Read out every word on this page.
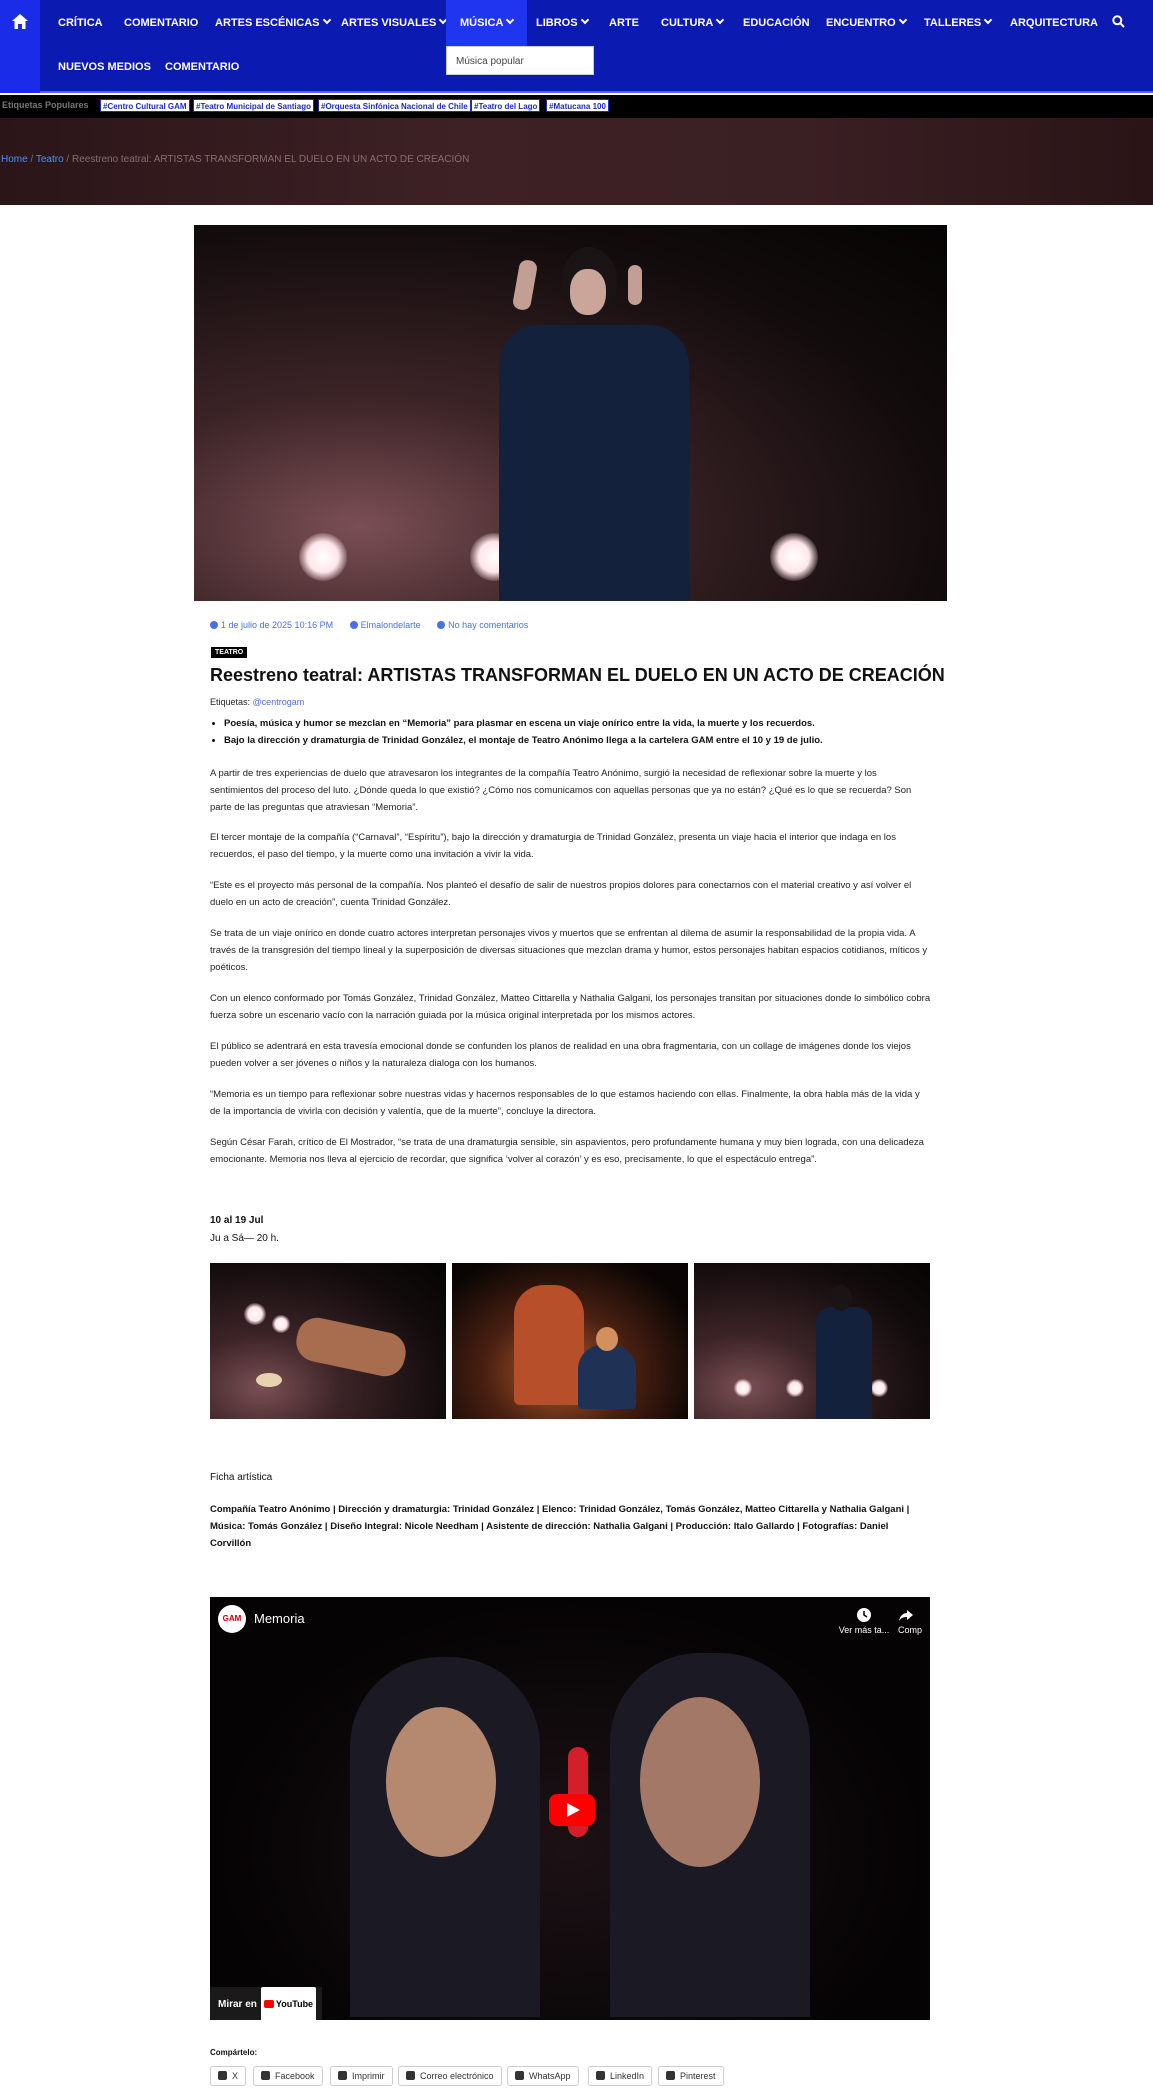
CRÍTICA COMENTARIO ARTES ESCÉNICAS	ARTES VISUALES	MÚSICA	LIBROS	ARTE CULTURA	EDUCACIÓN ENCUENTRO	TALLERES	ARQUITECTURA
NUEVOS MEDIOS COMENTARIO	Música popular
Etiquetas Populares	#Centro Cultural GAM	#Teatro Municipal de Santiago	#Orquesta Sinfónica Nacional de Chile #Teatro del Lago	#Matucana 100
Home / Teatro / Reestreno teatral: ARTISTAS TRANSFORMAN EL DUELO EN UN ACTO DE CREACIÓN
1 de julio de 2025 10:16 PM	Elmalondelarte	No hay comentarios
TEATRO
Reestreno teatral: ARTISTAS TRANSFORMAN EL DUELO EN UN ACTO DE CREACIÓN
Etiquetas: @centrogam
• Poesía, música y humor se mezclan en “Memoria” para plasmar en escena un viaje onírico entre la vida, la muerte y los recuerdos.
• Bajo la dirección y dramaturgia de Trinidad González, el montaje de Teatro Anónimo llega a la cartelera GAM entre el 10 y 19 de julio.

A partir de tres experiencias de duelo que atravesaron los integrantes de la compañía Teatro Anónimo, surgió la necesidad de reflexionar sobre la muerte y los sentimientos del proceso del luto. ¿Dónde queda lo que existió? ¿Cómo nos comunicamos con aquellas personas que ya no están? ¿Qué es lo que se recuerda? Son parte de las preguntas que atraviesan “Memoria”.

El tercer montaje de la compañía (“Carnaval”, “Espíritu”), bajo la dirección y dramaturgia de Trinidad González, presenta un viaje hacia el interior que indaga en los recuerdos, el paso del tiempo, y la muerte como una invitación a vivir la vida.

“Este es el proyecto más personal de la compañía. Nos planteó el desafío de salir de nuestros propios dolores para conectarnos con el material creativo y así volver el duelo en un acto de creación”, cuenta Trinidad González.

Se trata de un viaje onírico en donde cuatro actores interpretan personajes vivos y muertos que se enfrentan al dilema de asumir la responsabilidad de la propia vida. A través de la transgresión del tiempo lineal y la superposición de diversas situaciones que mezclan drama y humor, estos personajes habitan espacios cotidianos, míticos y poéticos.

Con un elenco conformado por Tomás González, Trinidad González, Matteo Cittarella y Nathalia Galgani, los personajes transitan por situaciones donde lo simbólico cobra fuerza sobre un escenario vacío con la narración guiada por la música original interpretada por los mismos actores.

El público se adentrará en esta travesía emocional donde se confunden los planos de realidad en una obra fragmentaria, con un collage de imágenes donde los viejos pueden volver a ser jóvenes o niños y la naturaleza dialoga con los humanos.

“Memoria es un tiempo para reflexionar sobre nuestras vidas y hacernos responsables de lo que estamos haciendo con ellas. Finalmente, la obra habla más de la vida y de la importancia de vivirla con decisión y valentía, que de la muerte”, concluye la directora.

Según César Farah, crítico de El Mostrador, “se trata de una dramaturgia sensible, sin aspavientos, pero profundamente humana y muy bien lograda, con una delicadeza emocionante. Memoria nos lleva al ejercicio de recordar, que significa ‘volver al corazón’ y es eso, precisamente, lo que el espectáculo entrega”.

10 al 19 Jul
Ju a Sá— 20 h.
Ficha artística
Compañía Teatro Anónimo | Dirección y dramaturgia: Trinidad González | Elenco: Trinidad González, Tomás González, Matteo Cittarella y Nathalia Galgani | Música: Tomás González | Diseño Integral: Nicole Needham | Asistente de dirección: Nathalia Galgani | Producción: Italo Gallardo | Fotografías: Daniel Corvillón
GAM Memoria

Ver más ta... Comp
Mirar en YouTube
Compártelo:
X	Facebook	Imprimir	Correo electrónico	WhatsApp	LinkedIn	Pinterest
